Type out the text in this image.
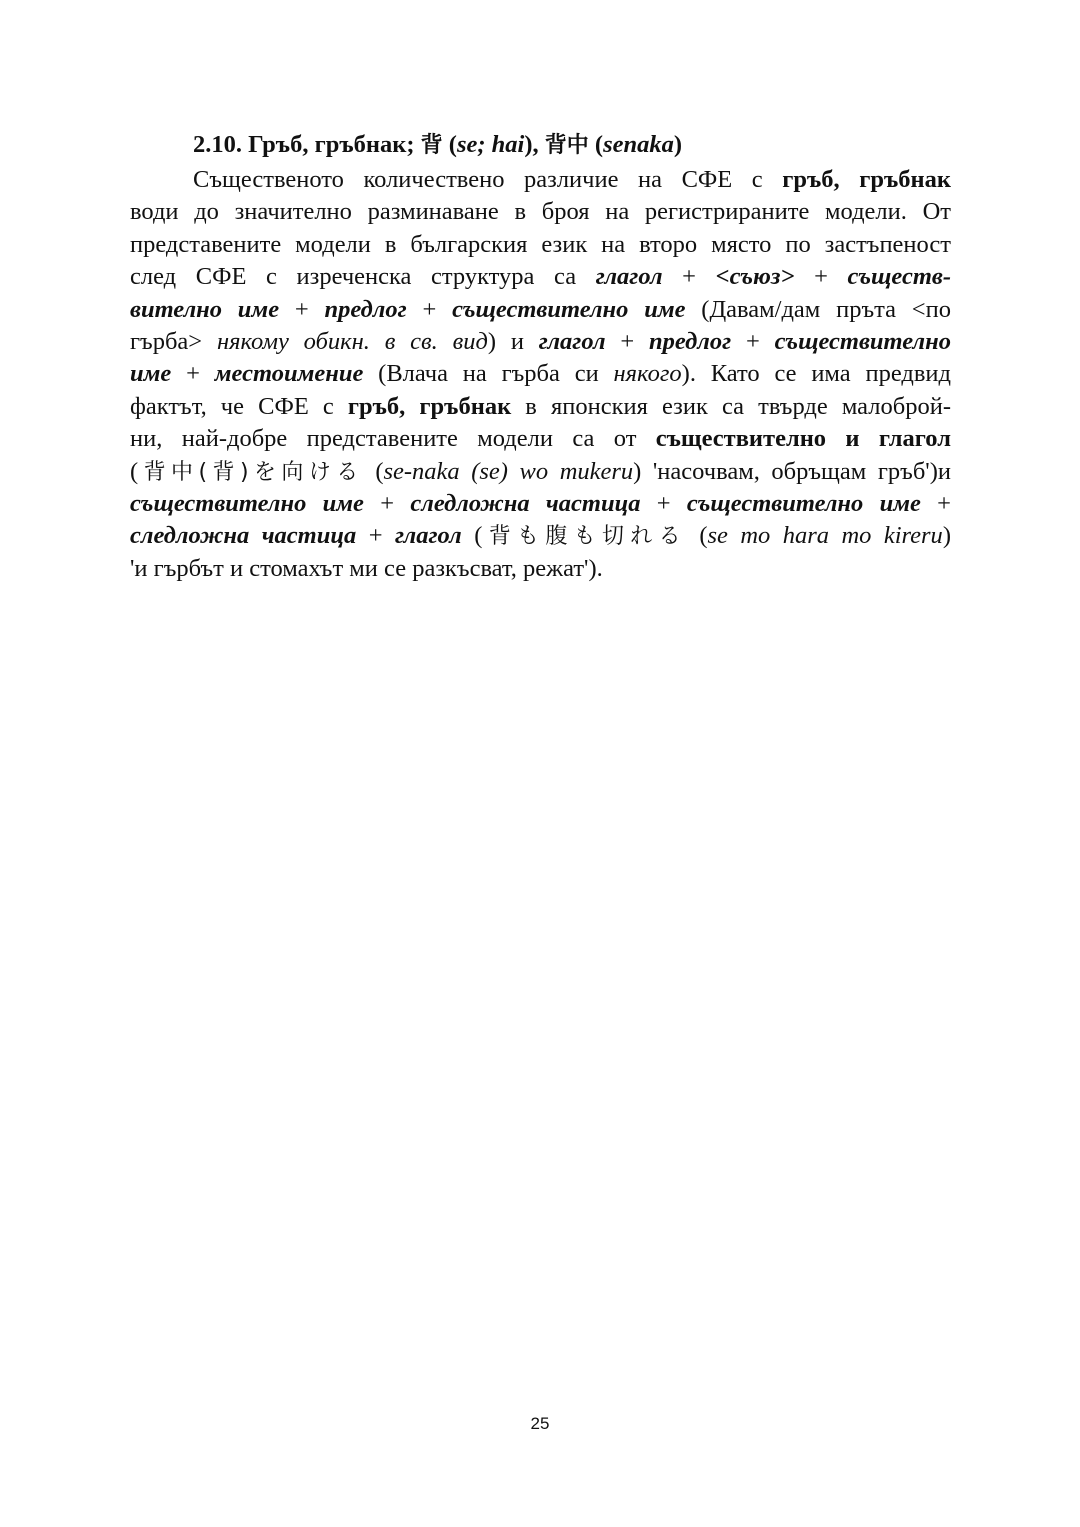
2.10. Гръб, гръбнак; 背 (se; hai), 背中 (senaka)
Същественото количествено различие на СФЕ с гръб, гръбнак
води до значително разминаване в броя на регистрираните модели. От
представените модели в българския език на второ място по застъпеност
след СФЕ с изреченска структура са глагол + <съюз> + съществ-
вително име + предлог + съществително име (Давам/дам пръта <по
гърба> някому обикн. в св. вид) и глагол + предлог + съществително
име + местоимение (Влача на гърба си някого). Като се има предвид
фактът, че СФЕ с гръб, гръбнак в японския език са твърде малоброй-
ни, най-добре представените модели са от съществително и глагол
(背中(背)を向ける (se-naka (se) wo mukeru) 'насочвам, обръщам гръб')и
съществително име + следложна частица + съществително име +
следложна частица + глагол (背も腹も切れる (se mo hara mo kireru)
'и гърбът и стомахът ми се разкъсват, режат').

25
